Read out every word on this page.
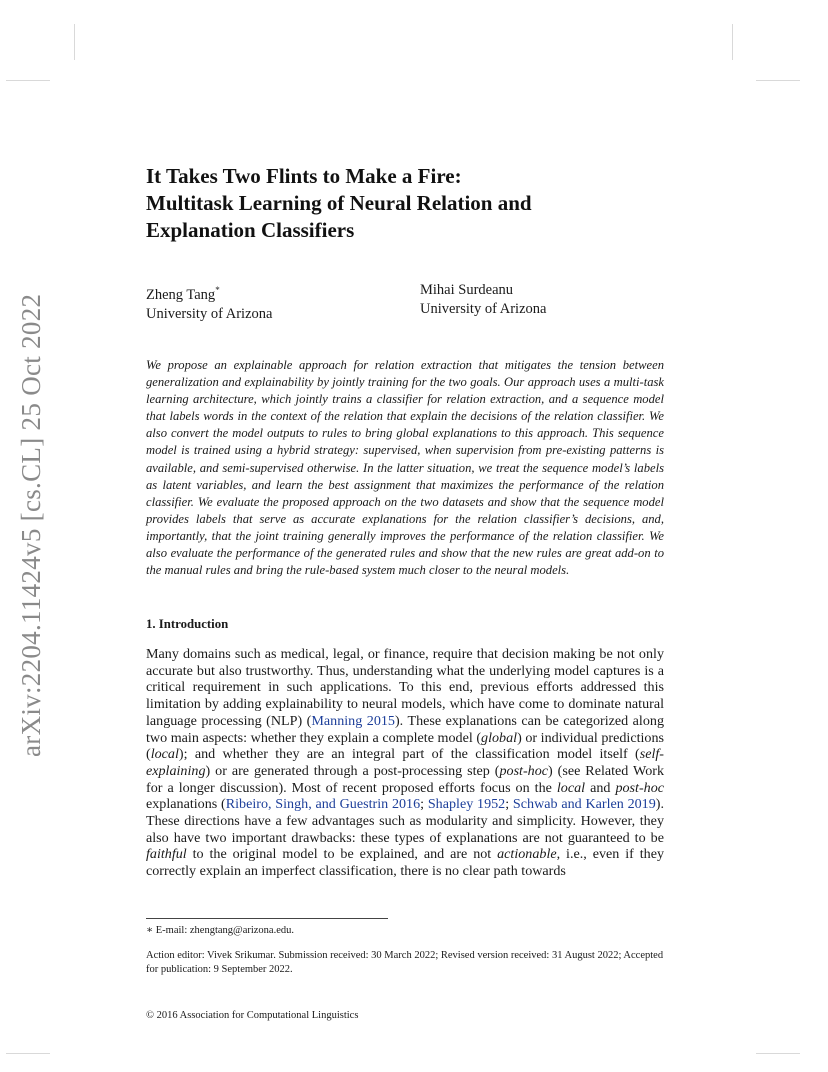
arXiv:2204.11424v5 [cs.CL] 25 Oct 2022
It Takes Two Flints to Make a Fire:
Multitask Learning of Neural Relation and
Explanation Classifiers
Zheng Tang*
University of Arizona
Mihai Surdeanu
University of Arizona

We propose an explainable approach for relation extraction that mitigates the tension between generalization and explainability by jointly training for the two goals. Our approach uses a multi-task learning architecture, which jointly trains a classifier for relation extraction, and a sequence model that labels words in the context of the relation that explain the decisions of the relation classifier. We also convert the model outputs to rules to bring global explanations to this approach. This sequence model is trained using a hybrid strategy: supervised, when supervision from pre-existing patterns is available, and semi-supervised otherwise. In the latter situation, we treat the sequence model’s labels as latent variables, and learn the best assignment that maximizes the performance of the relation classifier. We evaluate the proposed approach on the two datasets and show that the sequence model provides labels that serve as accurate explanations for the relation classifier’s decisions, and, importantly, that the joint training generally improves the performance of the relation classifier. We also evaluate the performance of the generated rules and show that the new rules are great add-on to the manual rules and bring the rule-based system much closer to the neural models.

1. Introduction

Many domains such as medical, legal, or finance, require that decision making be not only accurate but also trustworthy. Thus, understanding what the underlying model captures is a critical requirement in such applications. To this end, previous efforts addressed this limitation by adding explainability to neural models, which have come to dominate natural language processing (NLP) (Manning 2015). These explanations can be categorized along two main aspects: whether they explain a complete model (global) or individual predictions (local); and whether they are an integral part of the classification model itself (self-explaining) or are generated through a post-processing step (post-hoc) (see Related Work for a longer discussion). Most of recent proposed efforts focus on the local and post-hoc explanations (Ribeiro, Singh, and Guestrin 2016; Shapley 1952; Schwab and Karlen 2019). These directions have a few advantages such as modularity and simplicity. However, they also have two important drawbacks: these types of explanations are not guaranteed to be faithful to the original model to be explained, and are not actionable, i.e., even if they correctly explain an imperfect classification, there is no clear path towards

∗ E-mail: zhengtang@arizona.edu.
Action editor: Vivek Srikumar. Submission received: 30 March 2022; Revised version received: 31 August 2022; Accepted for publication: 9 September 2022.
© 2016 Association for Computational Linguistics
